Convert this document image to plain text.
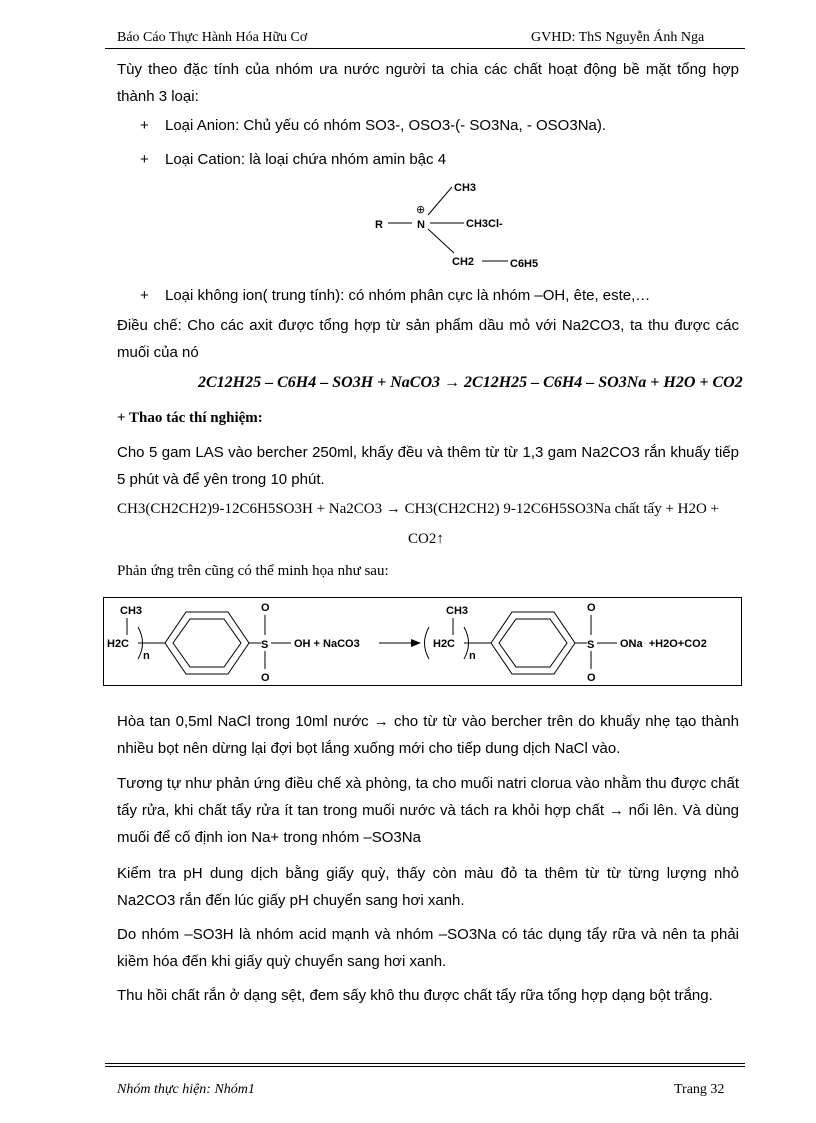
Báo Cáo Thực Hành Hóa Hữu Cơ	GVHD: ThS Nguyễn Ánh Nga
Tùy theo đặc tính của nhóm ưa nước người ta chia các chất hoạt động bề mặt tổng hợp thành 3 loại:
+ Loại Anion: Chủ yếu có nhóm SO3-, OSO3-(- SO3Na, - OSO3Na).
+ Loại Cation: là loại chứa nhóm amin bậc 4
R	N
⊕
CH3
CH3Cl-
CH2	C6H5
+ Loại không ion( trung tính): có nhóm phân cực là nhóm –OH, ête, este,…
Điều chế: Cho các axit được tổng hợp từ sản phẩm dầu mỏ với Na2CO3, ta thu được các muối của nó
2C12H25 – C6H4 – SO3H + NaCO3 → 2C12H25 – C6H4 – SO3Na + H2O + CO2
+ Thao tác thí nghiệm:
Cho 5 gam LAS vào bercher 250ml, khấy đều và thêm từ từ 1,3 gam Na2CO3 rắn khuấy tiếp 5 phút và để yên trong 10 phút.
CH3(CH2CH2)9-12C6H5SO3H + Na2CO3 → CH3(CH2CH2) 9-12C6H5SO3Na chất tẩy + H2O +
CO2↑
Phản ứng trên cũng có thể minh họa như sau:
CH3
H2C
n
O
S
O
OH + NaCO3
CH3
H2C
n
O
S
O
ONa  +H2O+CO2
Hòa tan 0,5ml NaCl trong 10ml nước → cho từ từ vào bercher trên do khuấy nhẹ tạo thành nhiều bọt nên dừng lại đợi bọt lắng xuống mới cho tiếp dung dịch NaCl vào.
Tương tự như phản ứng điều chế xà phòng, ta cho muối natri clorua vào nhằm thu được chất tẩy rửa, khi chất tẩy rửa ít tan trong muối nước và tách ra khỏi hợp chất → nổi lên. Và dùng muối để cố định ion Na+ trong nhóm –SO3Na
Kiểm tra pH dung dịch bằng giấy quỳ, thấy còn màu đỏ ta thêm từ từ từng lượng nhỏ Na2CO3 rắn đến lúc giấy pH chuyển sang hơi xanh.
Do nhóm –SO3H là nhóm acid mạnh và nhóm –SO3Na có tác dụng tẩy rữa và nên ta phải kiềm hóa đến khi giấy quỳ chuyển sang hơi xanh.
Thu hồi chất rắn ở dạng sệt, đem sấy khô thu được chất tẩy rữa tổng hợp dạng bột trắng.
Nhóm thực hiện: Nhóm1	Trang 32
